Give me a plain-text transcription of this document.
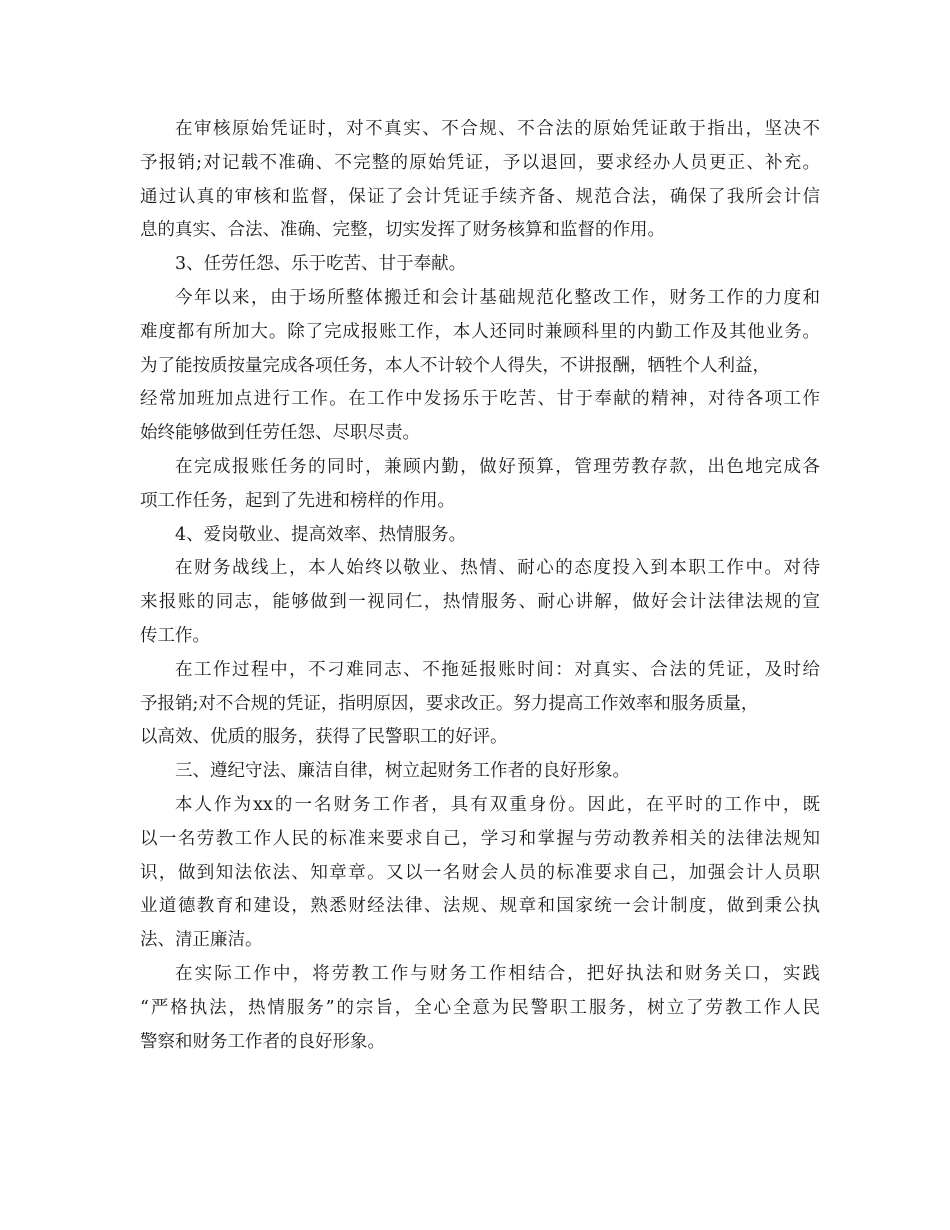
在审核原始凭证时，对不真实、不合规、不合法的原始凭证敢于指出，坚决不
予报销;对记载不准确、不完整的原始凭证，予以退回，要求经办人员更正、补充。
通过认真的审核和监督，保证了会计凭证手续齐备、规范合法，确保了我所会计信
息的真实、合法、准确、完整，切实发挥了财务核算和监督的作用。

3、任劳任怨、乐于吃苦、甘于奉献。

今年以来，由于场所整体搬迁和会计基础规范化整改工作，财务工作的力度和
难度都有所加大。除了完成报账工作，本人还同时兼顾科里的内勤工作及其他业务。
为了能按质按量完成各项任务，本人不计较个人得失，不讲报酬，牺牲个人利益，
经常加班加点进行工作。在工作中发扬乐于吃苦、甘于奉献的精神，对待各项工作
始终能够做到任劳任怨、尽职尽责。

在完成报账任务的同时，兼顾内勤，做好预算，管理劳教存款，出色地完成各
项工作任务，起到了先进和榜样的作用。

4、爱岗敬业、提高效率、热情服务。

在财务战线上，本人始终以敬业、热情、耐心的态度投入到本职工作中。对待
来报账的同志，能够做到一视同仁，热情服务、耐心讲解，做好会计法律法规的宣
传工作。

在工作过程中，不刁难同志、不拖延报账时间：对真实、合法的凭证，及时给
予报销;对不合规的凭证，指明原因，要求改正。努力提高工作效率和服务质量，
以高效、优质的服务，获得了民警职工的好评。

三、遵纪守法、廉洁自律，树立起财务工作者的良好形象。

本人作为xx的一名财务工作者，具有双重身份。因此，在平时的工作中，既
以一名劳教工作人民的标准来要求自己，学习和掌握与劳动教养相关的法律法规知
识，做到知法依法、知章章。又以一名财会人员的标准要求自己，加强会计人员职
业道德教育和建设，熟悉财经法律、法规、规章和国家统一会计制度，做到秉公执
法、清正廉洁。

在实际工作中，将劳教工作与财务工作相结合，把好执法和财务关口，实践
“严格执法，热情服务”的宗旨，全心全意为民警职工服务，树立了劳教工作人民
警察和财务工作者的良好形象。
